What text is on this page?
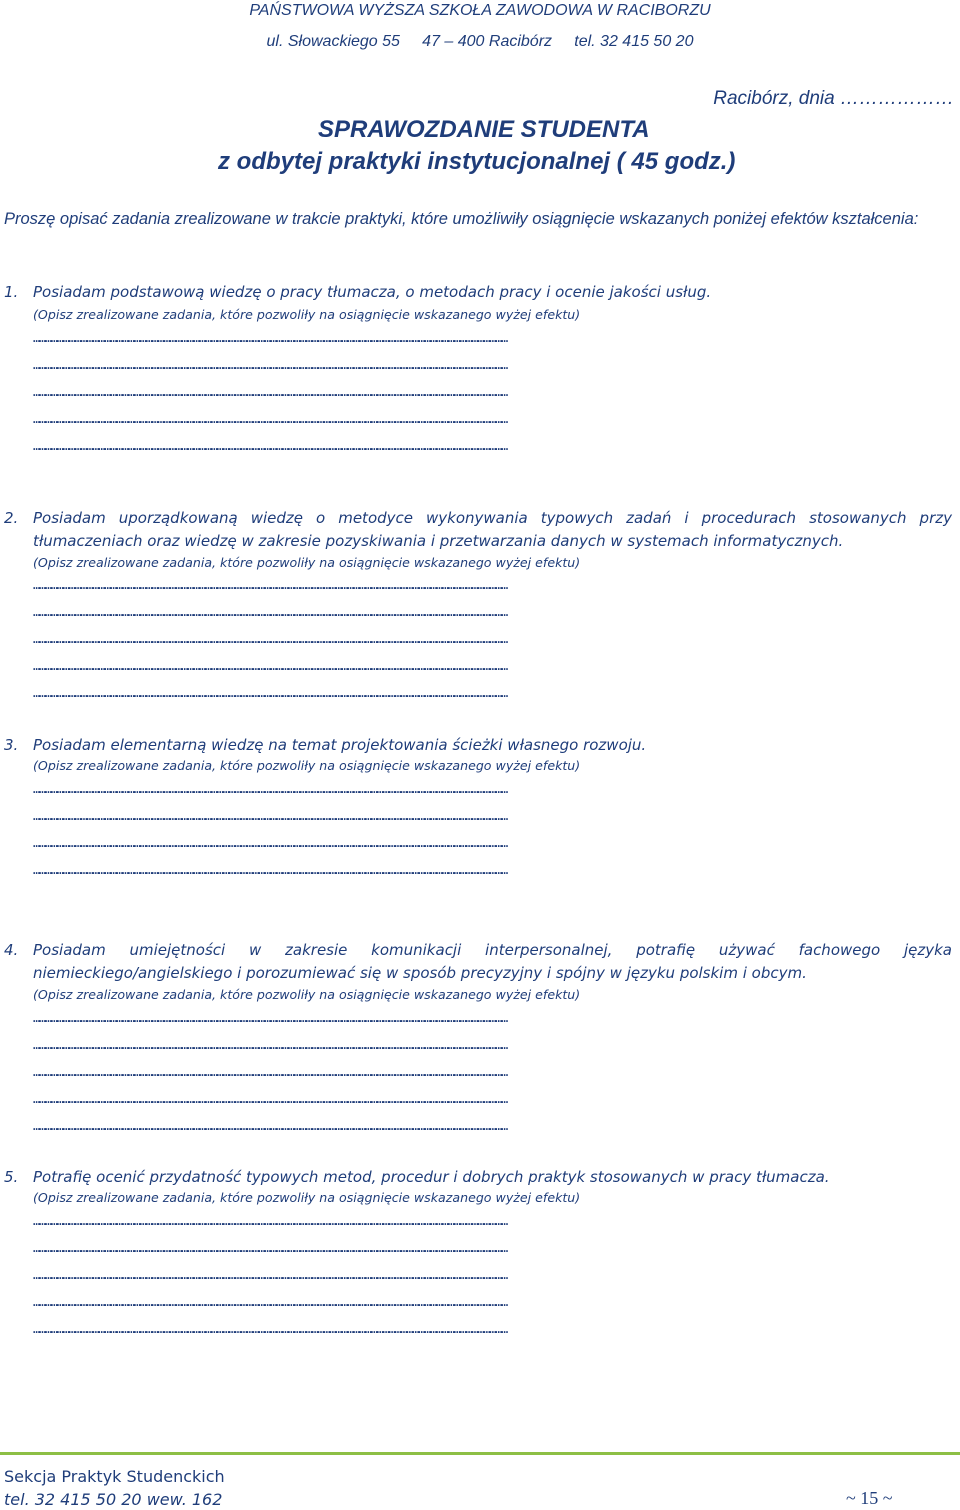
PAŃSTWOWA WYŻSZA SZKOŁA ZAWODOWA W RACIBORZU
ul. Słowackiego 55     47 – 400 Racibórz     tel. 32 415 50 20
Racibórz, dnia ………………
SPRAWOZDANIE STUDENTA
z odbytej praktyki instytucjonalnej ( 45 godz.)
Proszę opisać zadania zrealizowane w trakcie praktyki, które umożliwiły osiągnięcie wskazanych poniżej efektów kształcenia:
1. Posiadam podstawową wiedzę o pracy tłumacza, o metodach pracy i ocenie jakości usług.
(Opisz zrealizowane zadania, które pozwoliły na osiągnięcie wskazanego wyżej efektu)
……………………………………………………………………………………………………………………………………………………………………………………………………………………
……………………………………………………………………………………………………………………………………………………………………………………………………………………
……………………………………………………………………………………………………………………………………………………………………………………………………………………
……………………………………………………………………………………………………………………………………………………………………………………………………………………
……………………………………………………………………………………………………………………………………………………………………………………………………………………
2. Posiadam uporządkowaną wiedzę o metodyce wykonywania typowych zadań i procedurach stosowanych przy tłumaczeniach oraz wiedzę w zakresie pozyskiwania i przetwarzania danych w systemach informatycznych.
(Opisz zrealizowane zadania, które pozwoliły na osiągnięcie wskazanego wyżej efektu)
……………………………………………………………………………………………………………………………………………………………………………………………………………………
……………………………………………………………………………………………………………………………………………………………………………………………………………………
……………………………………………………………………………………………………………………………………………………………………………………………………………………
……………………………………………………………………………………………………………………………………………………………………………………………………………………
……………………………………………………………………………………………………………………………………………………………………………………………………………………
3. Posiadam elementarną wiedzę na temat projektowania ścieżki własnego rozwoju.
(Opisz zrealizowane zadania, które pozwoliły na osiągnięcie wskazanego wyżej efektu)
……………………………………………………………………………………………………………………………………………………………………………………………………………………
……………………………………………………………………………………………………………………………………………………………………………………………………………………
……………………………………………………………………………………………………………………………………………………………………………………………………………………
……………………………………………………………………………………………………………………………………………………………………………………………………………………
4. Posiadam umiejętności w zakresie komunikacji interpersonalnej, potrafię używać fachowego języka niemieckiego/angielskiego i porozumiewać się w sposób precyzyjny i spójny w języku polskim i obcym.
(Opisz zrealizowane zadania, które pozwoliły na osiągnięcie wskazanego wyżej efektu)
……………………………………………………………………………………………………………………………………………………………………………………………………………………
……………………………………………………………………………………………………………………………………………………………………………………………………………………
……………………………………………………………………………………………………………………………………………………………………………………………………………………
……………………………………………………………………………………………………………………………………………………………………………………………………………………
……………………………………………………………………………………………………………………………………………………………………………………………………………………
5. Potrafię ocenić przydatność typowych metod, procedur i dobrych praktyk stosowanych w pracy tłumacza.
(Opisz zrealizowane zadania, które pozwoliły na osiągnięcie wskazanego wyżej efektu)
……………………………………………………………………………………………………………………………………………………………………………………………………………………
……………………………………………………………………………………………………………………………………………………………………………………………………………………
……………………………………………………………………………………………………………………………………………………………………………………………………………………
……………………………………………………………………………………………………………………………………………………………………………………………………………………
……………………………………………………………………………………………………………………………………………………………………………………………………………………
Sekcja Praktyk Studenckich
tel. 32 415 50 20 wew. 162	~ 15 ~
